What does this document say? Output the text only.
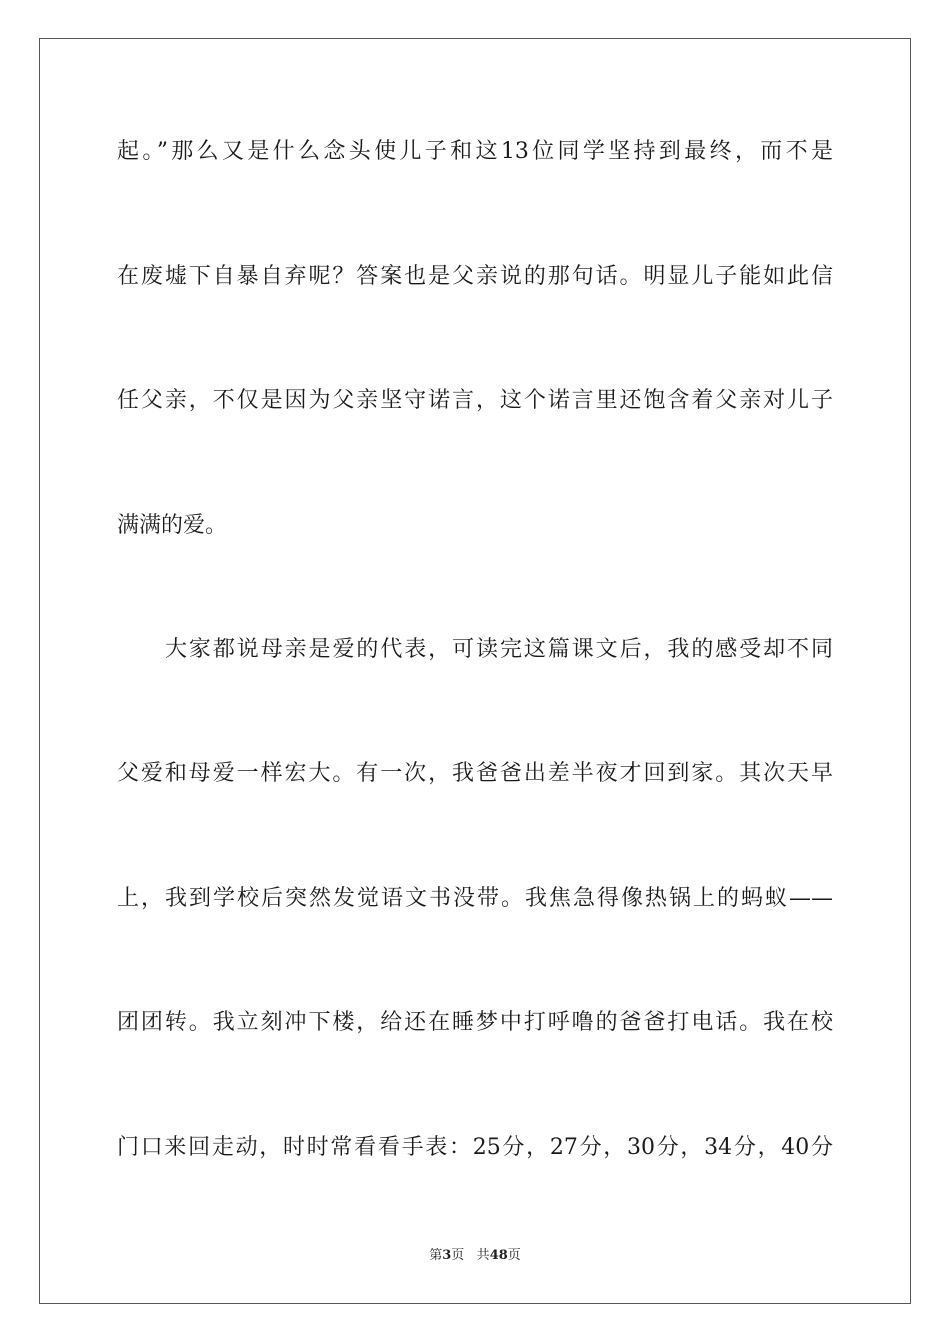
起。”那么又是什么念头使儿子和这13位同学坚持到最终，而不是
在废墟下自暴自弃呢？答案也是父亲说的那句话。明显儿子能如此信
任父亲，不仅是因为父亲坚守诺言，这个诺言里还饱含着父亲对儿子
满满的爱。
大家都说母亲是爱的代表，可读完这篇课文后，我的感受却不同
父爱和母爱一样宏大。有一次，我爸爸出差半夜才回到家。其次天早
上，我到学校后突然发觉语文书没带。我焦急得像热锅上的蚂蚁——
团团转。我立刻冲下楼，给还在睡梦中打呼噜的爸爸打电话。我在校
门口来回走动，时时常看看手表：25分，27分，30分，34分，40分
第3页 共48页
